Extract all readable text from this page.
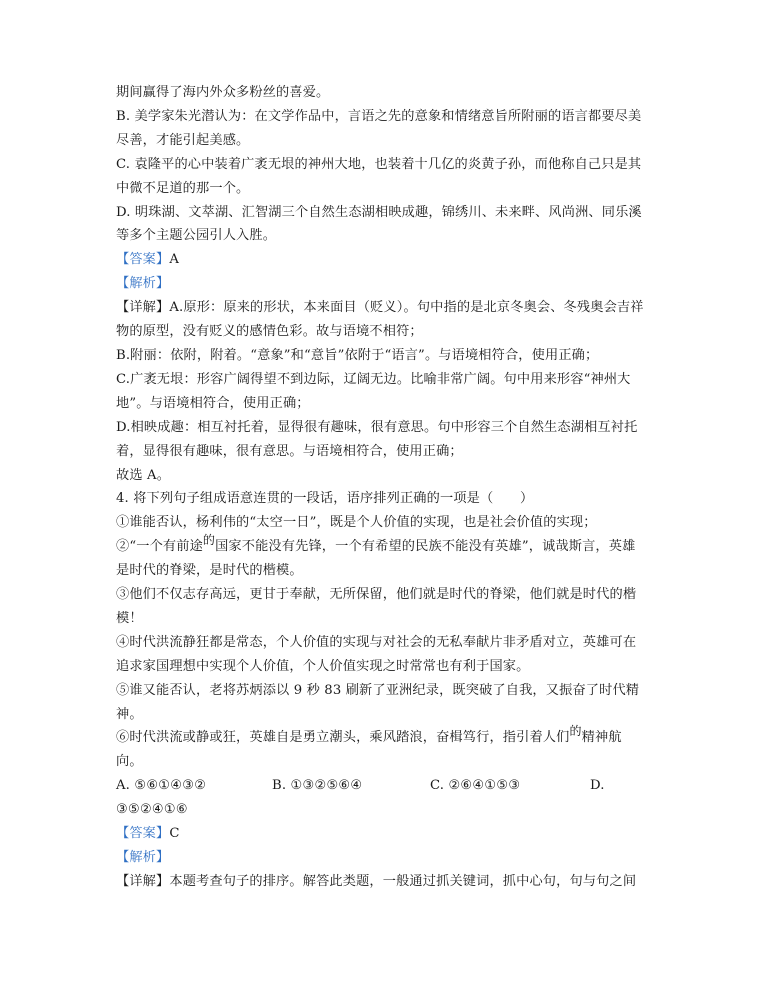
期间赢得了海内外众多粉丝的喜爱。

B. 美学家朱光潜认为：在文学作品中，言语之先的意象和情绪意旨所附丽的语言都要尽美

尽善，才能引起美感。

C. 袁隆平的心中装着广袤无垠的神州大地，也装着十几亿的炎黄子孙，而他称自己只是其

中微不足道的那一个。

D. 明珠湖、文萃湖、汇智湖三个自然生态湖相映成趣，锦绣川、未来畔、风尚洲、同乐溪

等多个主题公园引人入胜。

【答案】A

【解析】

【详解】A.原形：原来的形状，本来面目（贬义）。句中指的是北京冬奥会、冬残奥会吉祥

物的原型，没有贬义的感情色彩。故与语境不相符；

B.附丽：依附，附着。“意象”和“意旨”依附于“语言”。与语境相符合，使用正确；

C.广袤无垠：形容广阔得望不到边际，辽阔无边。比喻非常广阔。句中用来形容“神州大

地”。与语境相符合，使用正确；

D.相映成趣：相互衬托着，显得很有趣味，很有意思。句中形容三个自然生态湖相互衬托

着，显得很有趣味，很有意思。与语境相符合，使用正确；

故选 A。

4. 将下列句子组成语意连贯的一段话，语序排列正确的一项是（　　）

①谁能否认，杨利伟的“太空一日”，既是个人价值的实现，也是社会价值的实现；

②“一个有前途的国家不能没有先锋，一个有希望的民族不能没有英雄”，诚哉斯言，英雄

是时代的脊梁，是时代的楷模。

③他们不仅志存高远，更甘于奉献，无所保留，他们就是时代的脊梁，他们就是时代的楷

模！

④时代洪流静狂都是常态，个人价值的实现与对社会的无私奉献片非矛盾对立，英雄可在

追求家国理想中实现个人价值，个人价值实现之时常常也有利于国家。

⑤谁又能否认，老将苏炳添以 9 秒 83 刷新了亚洲纪录，既突破了自我，又振奋了时代精

神。

⑥时代洪流或静或狂，英雄自是勇立潮头，乘风踏浪，奋楫笃行，指引着人们的精神航

向。

A. ⑤⑥①④③②	B. ①③②⑤⑥④	C. ②⑥④①⑤③	D.

③⑤②④①⑥

【答案】C

【解析】

【详解】本题考查句子的排序。解答此类题，一般通过抓关键词，抓中心句，句与句之间
